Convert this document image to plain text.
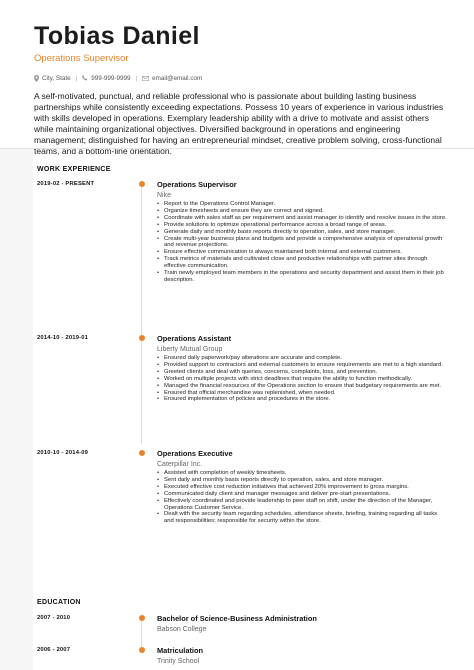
Tobias Daniel
Operations Supervisor
City, State | 999-999-9999 | email@email.com
A self-motivated, punctual, and reliable professional who is passionate about building lasting business partnerships while consistently exceeding expectations. Possess 10 years of experience in various industries with skills developed in operations. Exemplary leadership ability with a drive to motivate and assist others while maintaining organizational objectives. Diversified background in operations and engineering management; distinguished for having an entrepreneurial mindset, creative problem solving, cross-functional teams, and a bottom-line orientation.
WORK EXPERIENCE
2019-02 - PRESENT	Operations Supervisor
Nike
• Report to the Operations Control Manager.
• Organize timesheets and ensure they are correct and signed.
• Coordinate with sales staff as per requirement and assist manager to identify and resolve issues in the store.
• Provide solutions to optimize operational performance across a broad range of areas.
• Generate daily and monthly basis reports directly to operation, sales, and store manager.
• Create multi-year business plans and budgets and provide a comprehensive analysis of operational growth and revenue projections.
• Ensure effective communication is always maintained both internal and external customers.
• Track metrics of materials and cultivated close and productive relationships with partner sites through effective communication.
• Train newly employed team members in the operations and security department and assist them in their job description.
2014-10 - 2019-01	Operations Assistant
Liberty Mutual Group
• Ensured daily paperwork/pay alterations are accurate and complete.
• Provided support to contractors and external customers to ensure requirements are met to a high standard.
• Greeted clients and deal with queries, concerns, complaints, loss, and prevention.
• Worked on multiple projects with strict deadlines that require the ability to function methodically.
• Managed the financial resources of the Operations section to ensure that budgetary requirements are met.
• Ensured that official merchandise was replenished, when needed.
• Ensured implementation of policies and procedures in the store.
2010-10 - 2014-09	Operations Executive
Caterpillar Inc.
• Assisted with completion of weekly timesheets.
• Sent daily and monthly basis reports directly to operation, sales, and store manager.
• Executed effective cost reduction initiatives that achieved 20% improvement to gross margins.
• Communicated daily client and manager messages and deliver pre-start presentations.
• Effectively coordinated and provide leadership to peer staff on shift, under the direction of the Manager, Operations Customer Service.
• Dealt with the security team regarding schedules, attendance sheets, briefing, training regarding all tasks and responsibilities; responsible for security within the store.
EDUCATION
2007 - 2010	Bachelor of Science-Business Administration
Babson College
2006 - 2007	Matriculation
Trinity School
